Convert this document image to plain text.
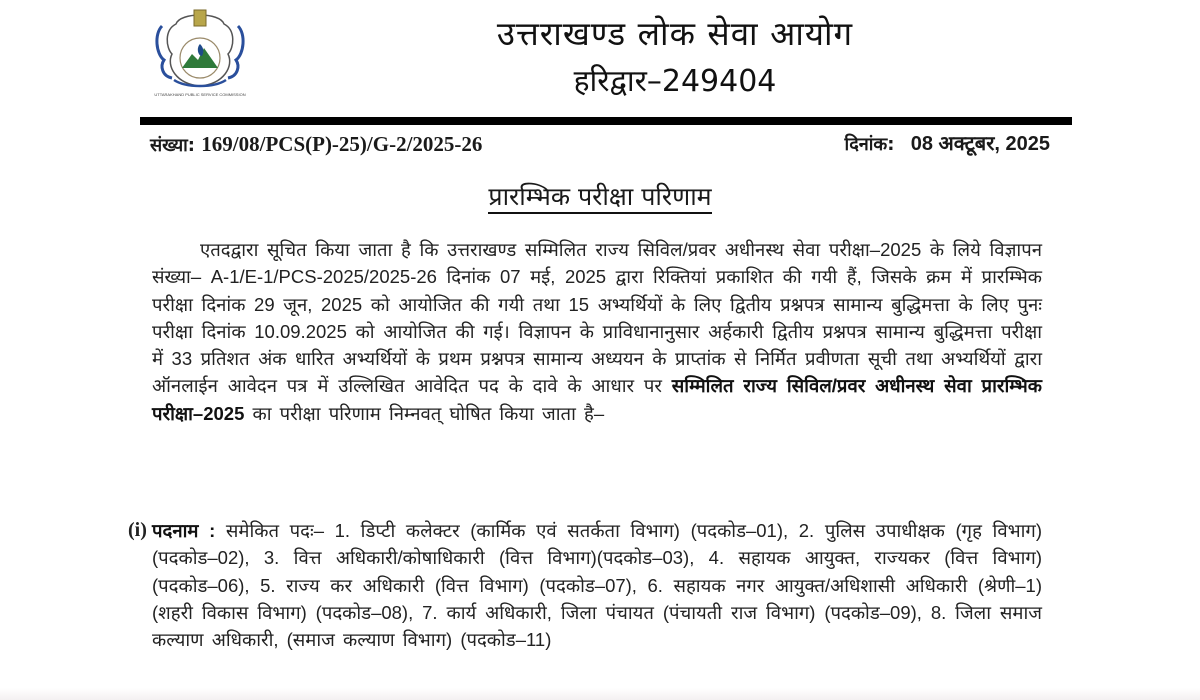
UTTARAKHAND PUBLIC SERVICE COMMISSION
उत्तराखण्ड लोक सेवा आयोग
हरिद्वार–249404
संख्या: 169/08/PCS(P)-25)/G-2/2025-26	दिनांक: 08 अक्टूबर, 2025
प्रारम्भिक परीक्षा परिणाम

एतदद्वारा सूचित किया जाता है कि उत्तराखण्ड सम्मिलित राज्य सिविल/प्रवर अधीनस्थ सेवा परीक्षा–2025 के लिये विज्ञापन संख्या– A-1/E-1/PCS-2025/2025-26 दिनांक 07 मई, 2025 द्वारा रिक्तियां प्रकाशित की गयी हैं, जिसके क्रम में प्रारम्भिक परीक्षा दिनांक 29 जून, 2025 को आयोजित की गयी तथा 15 अभ्यर्थियों के लिए द्वितीय प्रश्नपत्र सामान्य बुद्धिमत्ता के लिए पुनः परीक्षा दिनांक 10.09.2025 को आयोजित की गई। विज्ञापन के प्राविधानानुसार अर्हकारी द्वितीय प्रश्नपत्र सामान्य बुद्धिमत्ता परीक्षा में 33 प्रतिशत अंक धारित अभ्यर्थियों के प्रथम प्रश्नपत्र सामान्य अध्ययन के प्राप्तांक से निर्मित प्रवीणता सूची तथा अभ्यर्थियों द्वारा ऑनलाईन आवेदन पत्र में उल्लिखित आवेदित पद के दावे के आधार पर सम्मिलित राज्य सिविल/प्रवर अधीनस्थ सेवा प्रारम्भिक परीक्षा–2025 का परीक्षा परिणाम निम्नवत् घोषित किया जाता है–

(i) पदनाम : समेकित पदः– 1. डिप्टी कलेक्टर (कार्मिक एवं सतर्कता विभाग) (पदकोड–01), 2. पुलिस उपाधीक्षक (गृह विभाग)(पदकोड–02), 3. वित्त अधिकारी/कोषाधिकारी (वित्त विभाग)(पदकोड–03), 4. सहायक आयुक्त, राज्यकर (वित्त विभाग) (पदकोड–06), 5. राज्य कर अधिकारी (वित्त विभाग) (पदकोड–07), 6. सहायक नगर आयुक्त/अधिशासी अधिकारी (श्रेणी–1) (शहरी विकास विभाग) (पदकोड–08), 7. कार्य अधिकारी, जिला पंचायत (पंचायती राज विभाग) (पदकोड–09), 8. जिला समाज कल्याण अधिकारी, (समाज कल्याण विभाग) (पदकोड–11)
